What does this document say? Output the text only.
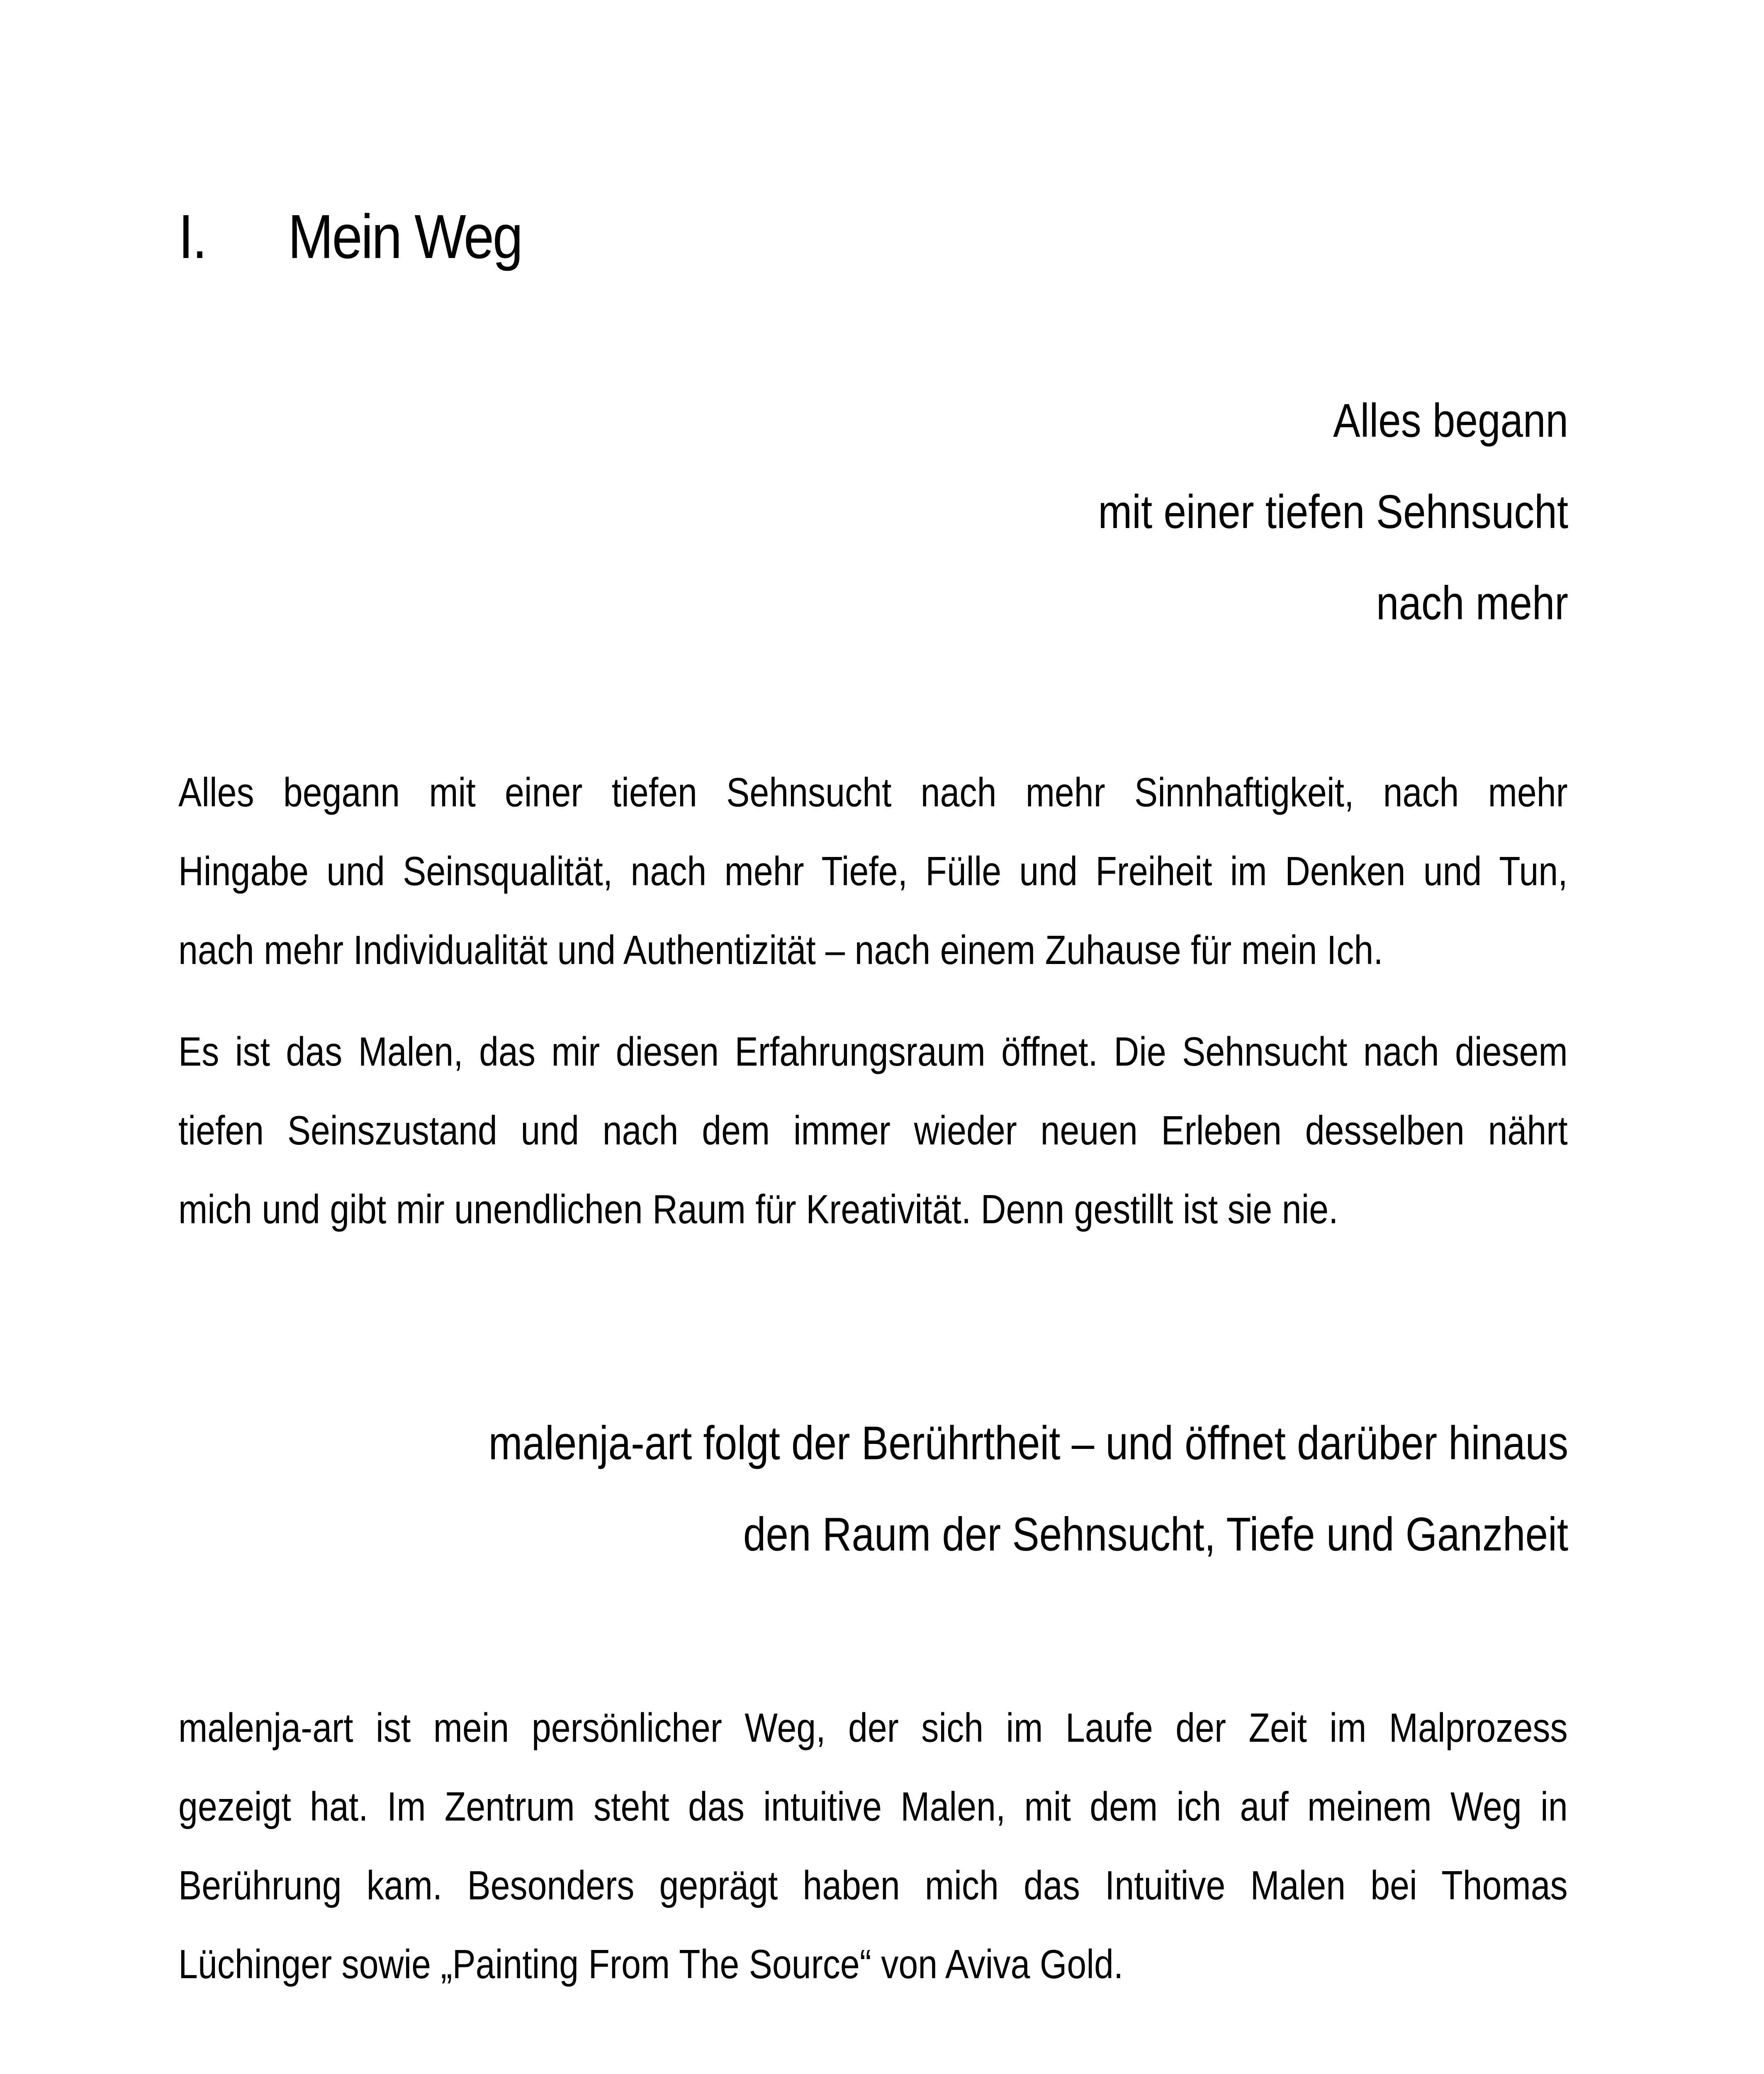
I. Mein Weg
Alles begann
mit einer tiefen Sehnsucht
nach mehr
Alles begann mit einer tiefen Sehnsucht nach mehr Sinnhaftigkeit, nach mehr
Hingabe und Seinsqualität, nach mehr Tiefe, Fülle und Freiheit im Denken und Tun,
nach mehr Individualität und Authentizität – nach einem Zuhause für mein Ich.
Es ist das Malen, das mir diesen Erfahrungsraum öffnet. Die Sehnsucht nach diesem
tiefen Seinszustand und nach dem immer wieder neuen Erleben desselben nährt
mich und gibt mir unendlichen Raum für Kreativität. Denn gestillt ist sie nie.
malenja-art folgt der Berührtheit – und öffnet darüber hinaus
den Raum der Sehnsucht, Tiefe und Ganzheit
malenja-art ist mein persönlicher Weg, der sich im Laufe der Zeit im Malprozess
gezeigt hat. Im Zentrum steht das intuitive Malen, mit dem ich auf meinem Weg in
Berührung kam. Besonders geprägt haben mich das Intuitive Malen bei Thomas
Lüchinger sowie „Painting From The Source“ von Aviva Gold.
